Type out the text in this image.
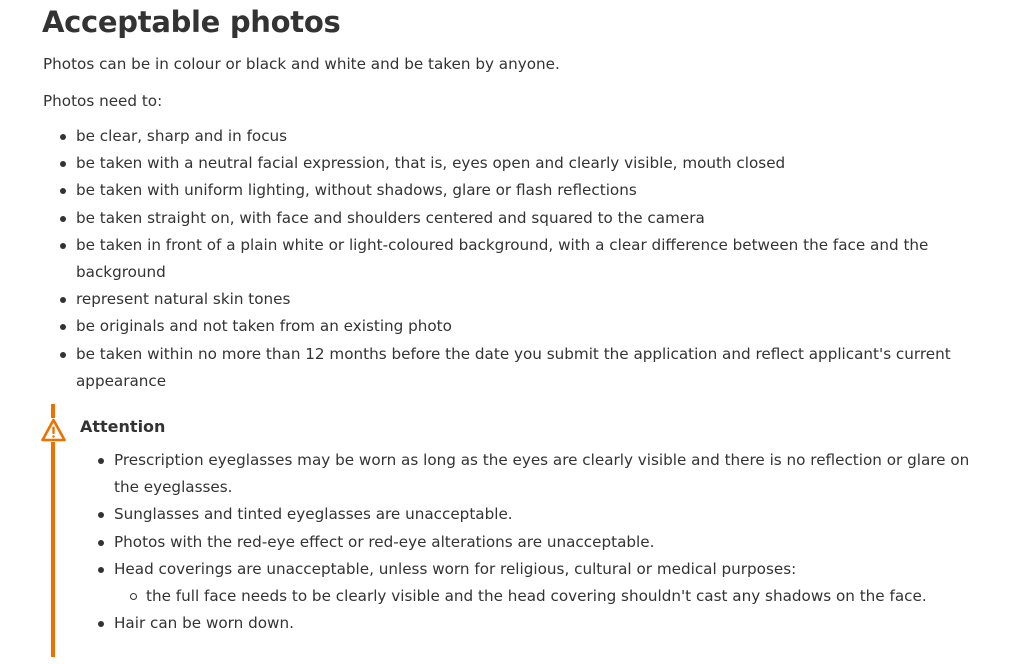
Acceptable photos

Photos can be in colour or black and white and be taken by anyone.

Photos need to:

be clear, sharp and in focus
be taken with a neutral facial expression, that is, eyes open and clearly visible, mouth closed
be taken with uniform lighting, without shadows, glare or flash reflections
be taken straight on, with face and shoulders centered and squared to the camera
be taken in front of a plain white or light-coloured background, with a clear difference between the face and the background
represent natural skin tones
be originals and not taken from an existing photo
be taken within no more than 12 months before the date you submit the application and reflect applicant's current appearance
Attention
Prescription eyeglasses may be worn as long as the eyes are clearly visible and there is no reflection or glare on the eyeglasses.
Sunglasses and tinted eyeglasses are unacceptable.
Photos with the red-eye effect or red-eye alterations are unacceptable.
Head coverings are unacceptable, unless worn for religious, cultural or medical purposes:
the full face needs to be clearly visible and the head covering shouldn't cast any shadows on the face.
Hair can be worn down.
